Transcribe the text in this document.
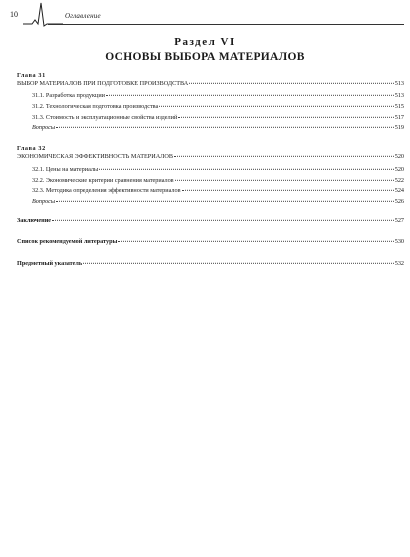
10	Оглавление
Раздел VI
ОСНОВЫ ВЫБОРА МАТЕРИАЛОВ
Глава 31
ВЫБОР МАТЕРИАЛОВ ПРИ ПОДГОТОВКЕ ПРОИЗВОДСТВА	513
31.1. Разработка продукции	513
31.2. Технологическая подготовка производства	515
31.3. Стоимость и эксплуатационные свойства изделий	517
Вопросы	519
Глава 32
ЭКОНОМИЧЕСКАЯ ЭФФЕКТИВНОСТЬ МАТЕРИАЛОВ	520
32.1. Цены на материалы	520
32.2. Экономические критерии сравнения материалов	522
32.3. Методика определения эффективности материалов	524
Вопросы	526
Заключение	527
Список рекомендуемой литературы	530
Предметный указатель	532
